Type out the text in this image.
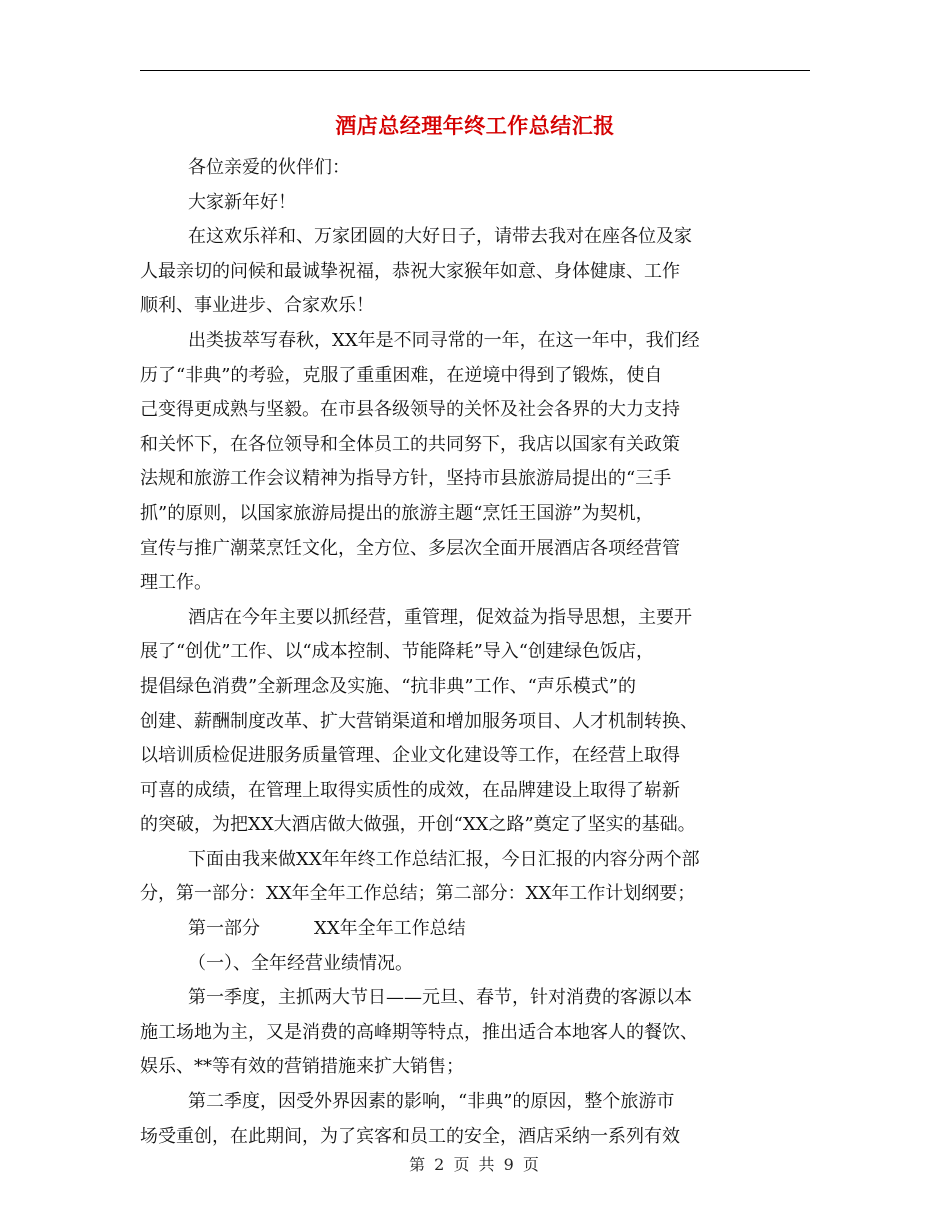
酒店总经理年终工作总结汇报

各位亲爱的伙伴们：

大家新年好！

在这欢乐祥和、万家团圆的大好日子，请带去我对在座各位及家
人最亲切的问候和最诚挚祝福，恭祝大家猴年如意、身体健康、工作
顺利、事业进步、合家欢乐！

出类拔萃写春秋，XX年是不同寻常的一年，在这一年中，我们经
历了“非典”的考验，克服了重重困难，在逆境中得到了锻炼，使自
己变得更成熟与坚毅。在市县各级领导的关怀及社会各界的大力支持
和关怀下，在各位领导和全体员工的共同努下，我店以国家有关政策
法规和旅游工作会议精神为指导方针，坚持市县旅游局提出的“三手
抓”的原则，以国家旅游局提出的旅游主题“烹饪王国游”为契机，
宣传与推广潮菜烹饪文化，全方位、多层次全面开展酒店各项经营管
理工作。

酒店在今年主要以抓经营，重管理，促效益为指导思想，主要开
展了“创优”工作、以“成本控制、节能降耗”导入“创建绿色饭店，
提倡绿色消费”全新理念及实施、“抗非典”工作、“声乐模式”的
创建、薪酬制度改革、扩大营销渠道和增加服务项目、人才机制转换、
以培训质检促进服务质量管理、企业文化建设等工作，在经营上取得
可喜的成绩，在管理上取得实质性的成效，在品牌建设上取得了崭新
的突破，为把XX大酒店做大做强，开创“XX之路”奠定了坚实的基础。

下面由我来做XX年年终工作总结汇报，今日汇报的内容分两个部
分，第一部分：XX年全年工作总结；第二部分：XX年工作计划纲要；

第一部分　　　XX年全年工作总结

（一）、全年经营业绩情况。

第一季度，主抓两大节日——元旦、春节，针对消费的客源以本
施工场地为主，又是消费的高峰期等特点，推出适合本地客人的餐饮、
娱乐、**等有效的营销措施来扩大销售；

第二季度，因受外界因素的影响，“非典”的原因，整个旅游市
场受重创，在此期间，为了宾客和员工的安全，酒店采纳一系列有效

第 2 页 共 9 页
